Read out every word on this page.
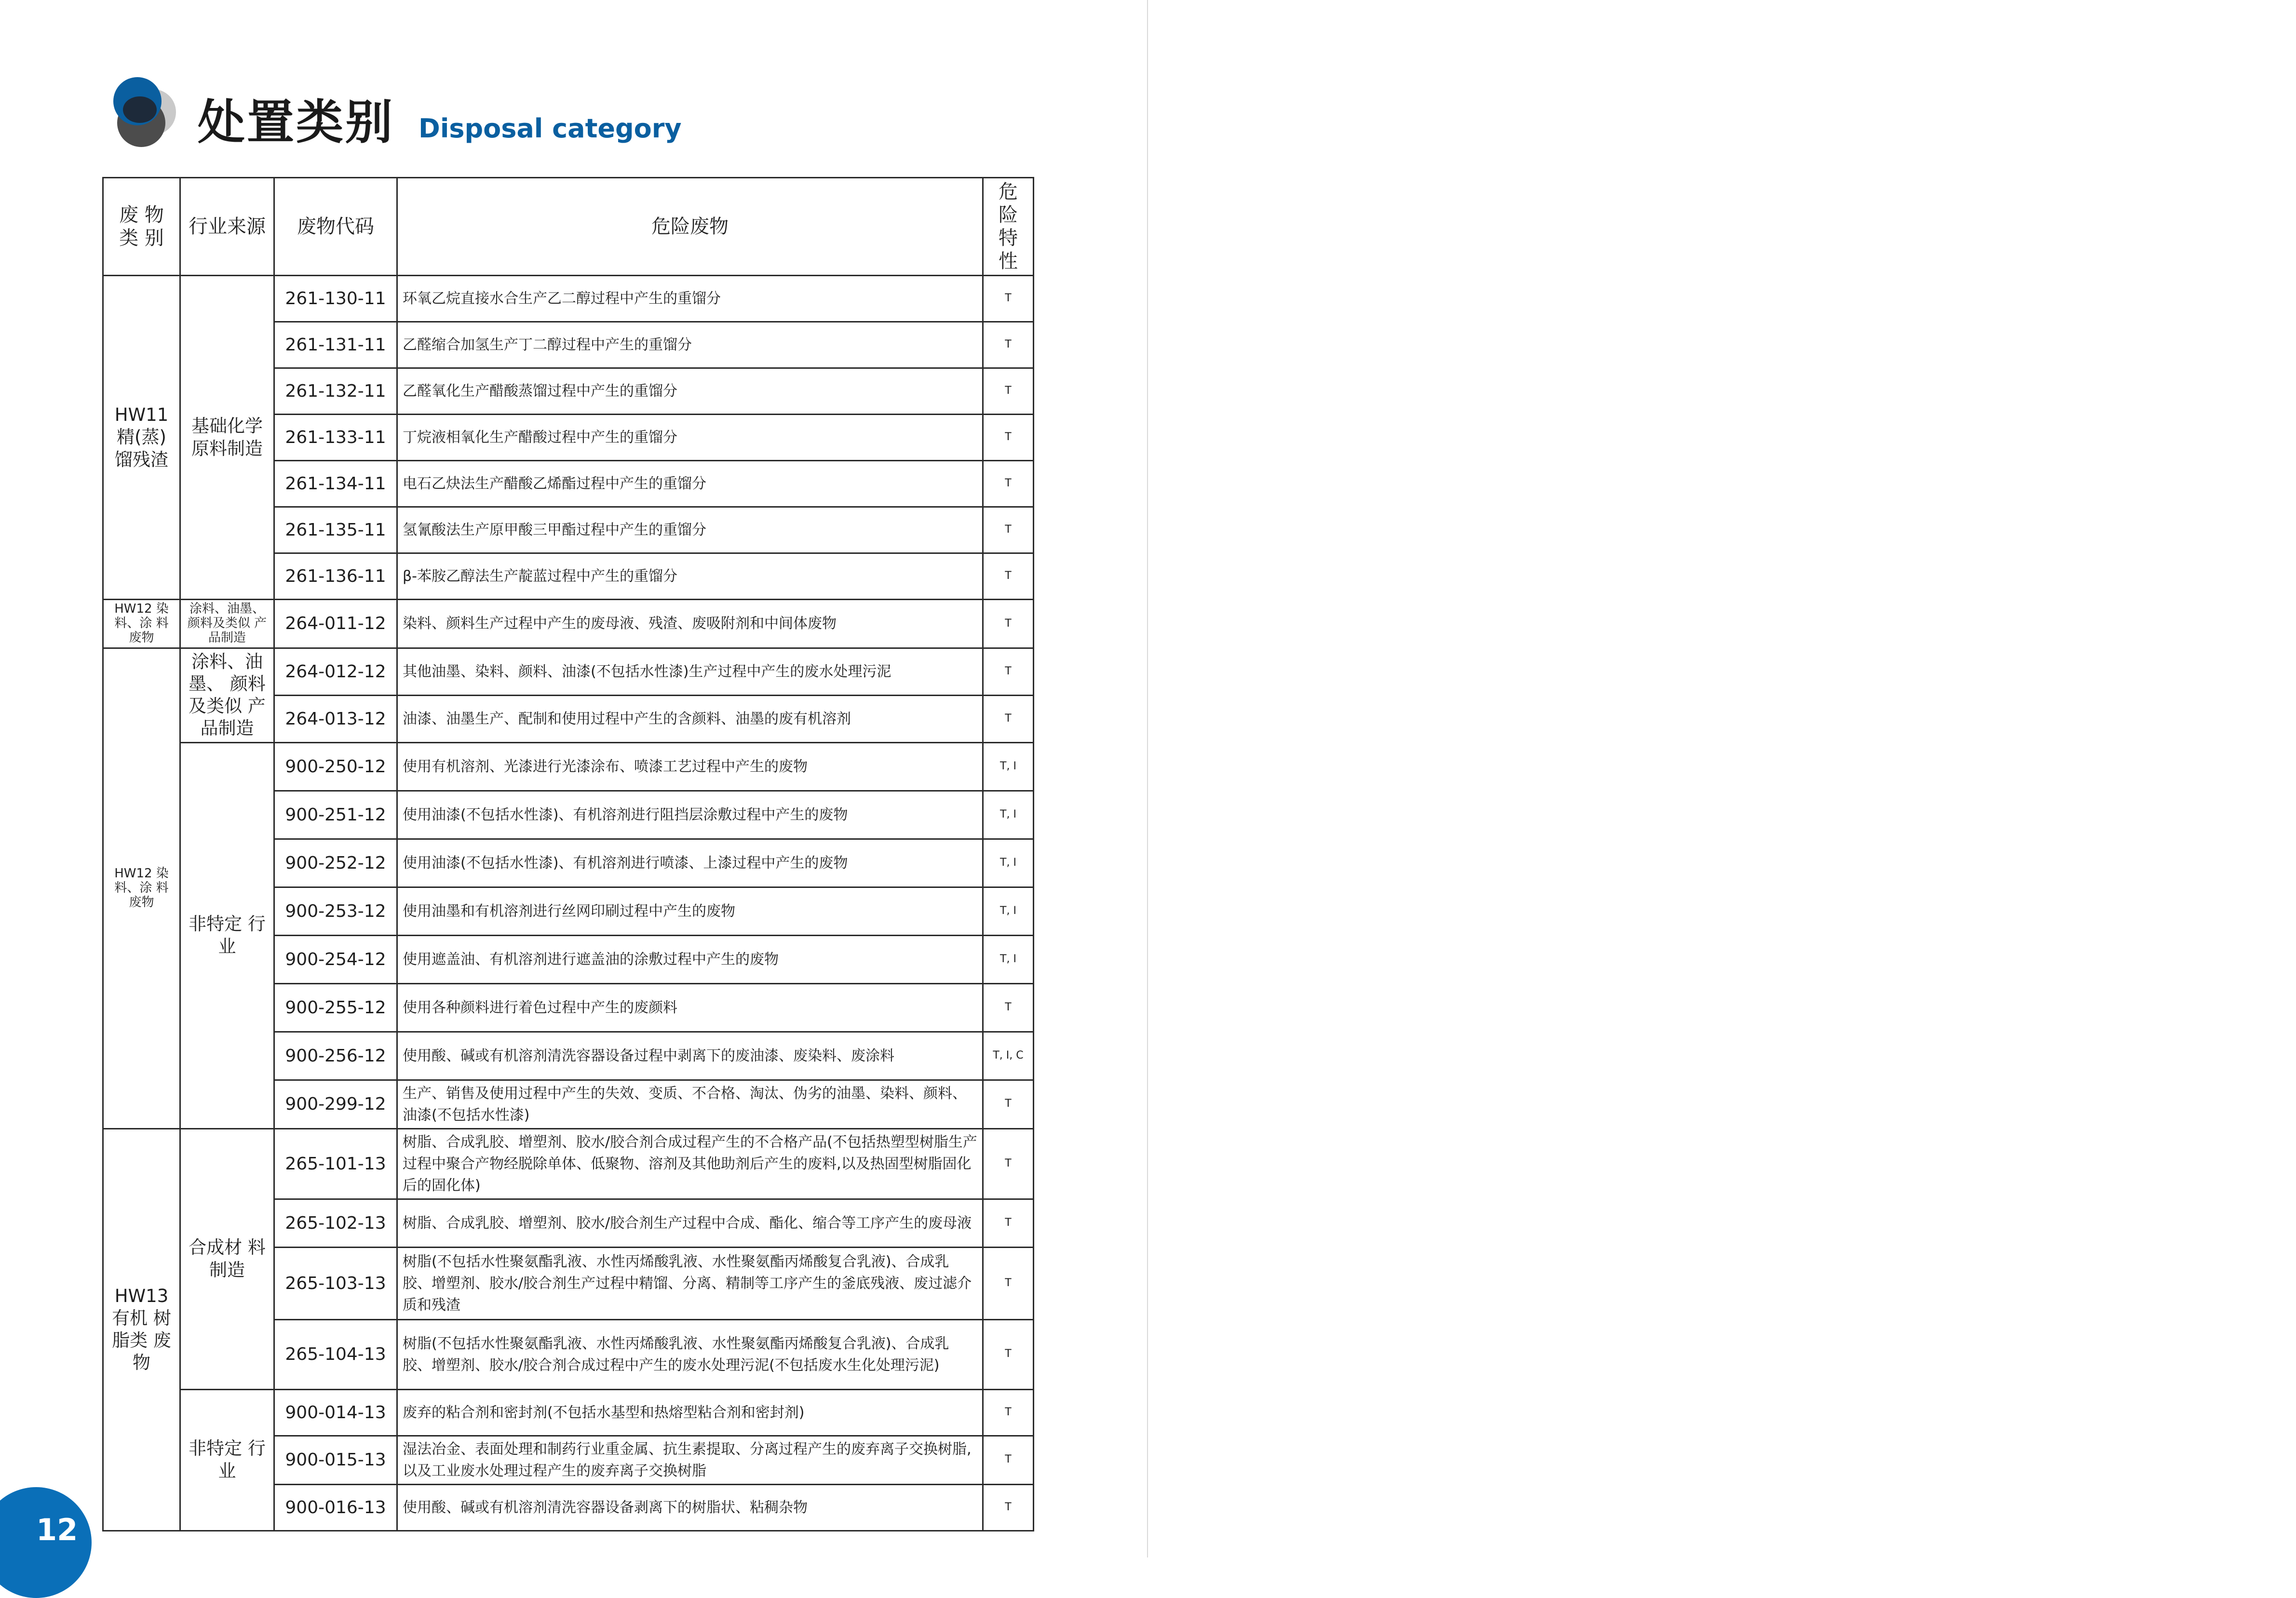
处置类别 Disposal category
废 物 类 别	行业来源	废物代码	危险废物	危 险 特 性
HW11 精(蒸) 馏残渣	基础化学 原料制造	261-130-11	环氧乙烷直接水合生产乙二醇过程中产生的重馏分	T
		261-131-11	乙醛缩合加氢生产丁二醇过程中产生的重馏分	T
		261-132-11	乙醛氧化生产醋酸蒸馏过程中产生的重馏分	T
		261-133-11	丁烷液相氧化生产醋酸过程中产生的重馏分	T
		261-134-11	电石乙炔法生产醋酸乙烯酯过程中产生的重馏分	T
		261-135-11	氢氰酸法生产原甲酸三甲酯过程中产生的重馏分	T
		261-136-11	β-苯胺乙醇法生产靛蓝过程中产生的重馏分	T
HW12 染料、涂 料废物	涂料、油墨、 颜料及类似 产品制造	264-011-12	染料、颜料生产过程中产生的废母液、残渣、废吸附剂和中间体废物	T
HW12 染料、涂 料废物	涂料、油墨、 颜料及类似 产品制造	264-012-12	其他油墨、染料、颜料、油漆(不包括水性漆)生产过程中产生的废水处理污泥	T
		264-013-12	油漆、油墨生产、配制和使用过程中产生的含颜料、油墨的废有机溶剂	T
	非特定 行业	900-250-12	使用有机溶剂、光漆进行光漆涂布、喷漆工艺过程中产生的废物	T, I
		900-251-12	使用油漆(不包括水性漆)、有机溶剂进行阻挡层涂敷过程中产生的废物	T, I
		900-252-12	使用油漆(不包括水性漆)、有机溶剂进行喷漆、上漆过程中产生的废物	T, I
		900-253-12	使用油墨和有机溶剂进行丝网印刷过程中产生的废物	T, I
		900-254-12	使用遮盖油、有机溶剂进行遮盖油的涂敷过程中产生的废物	T, I
		900-255-12	使用各种颜料进行着色过程中产生的废颜料	T
		900-256-12	使用酸、碱或有机溶剂清洗容器设备过程中剥离下的废油漆、废染料、废涂料	T, I, C
		900-299-12	生产、销售及使用过程中产生的失效、变质、不合格、淘汰、伪劣的油墨、染料、颜料、油漆(不包括水性漆)	T
HW13 有机 树脂类 废物	合成材 料制造	265-101-13	树脂、合成乳胶、增塑剂、胶水/胶合剂合成过程产生的不合格产品(不包括热塑型树脂生产过程中聚合产物经脱除单体、低聚物、溶剂及其他助剂后产生的废料,以及热固型树脂固化后的固化体)	T
		265-102-13	树脂、合成乳胶、增塑剂、胶水/胶合剂生产过程中合成、酯化、缩合等工序产生的废母液	T
		265-103-13	树脂(不包括水性聚氨酯乳液、水性丙烯酸乳液、水性聚氨酯丙烯酸复合乳液)、合成乳胶、增塑剂、胶水/胶合剂生产过程中精馏、分离、精制等工序产生的釜底残液、废过滤介质和残渣	T
		265-104-13	树脂(不包括水性聚氨酯乳液、水性丙烯酸乳液、水性聚氨酯丙烯酸复合乳液)、合成乳胶、增塑剂、胶水/胶合剂合成过程中产生的废水处理污泥(不包括废水生化处理污泥)	T
	非特定 行业	900-014-13	废弃的粘合剂和密封剂(不包括水基型和热熔型粘合剂和密封剂)	T
		900-015-13	湿法冶金、表面处理和制药行业重金属、抗生素提取、分离过程产生的废弃离子交换树脂,以及工业废水处理过程产生的废弃离子交换树脂	T
		900-016-13	使用酸、碱或有机溶剂清洗容器设备剥离下的树脂状、粘稠杂物	T
12
